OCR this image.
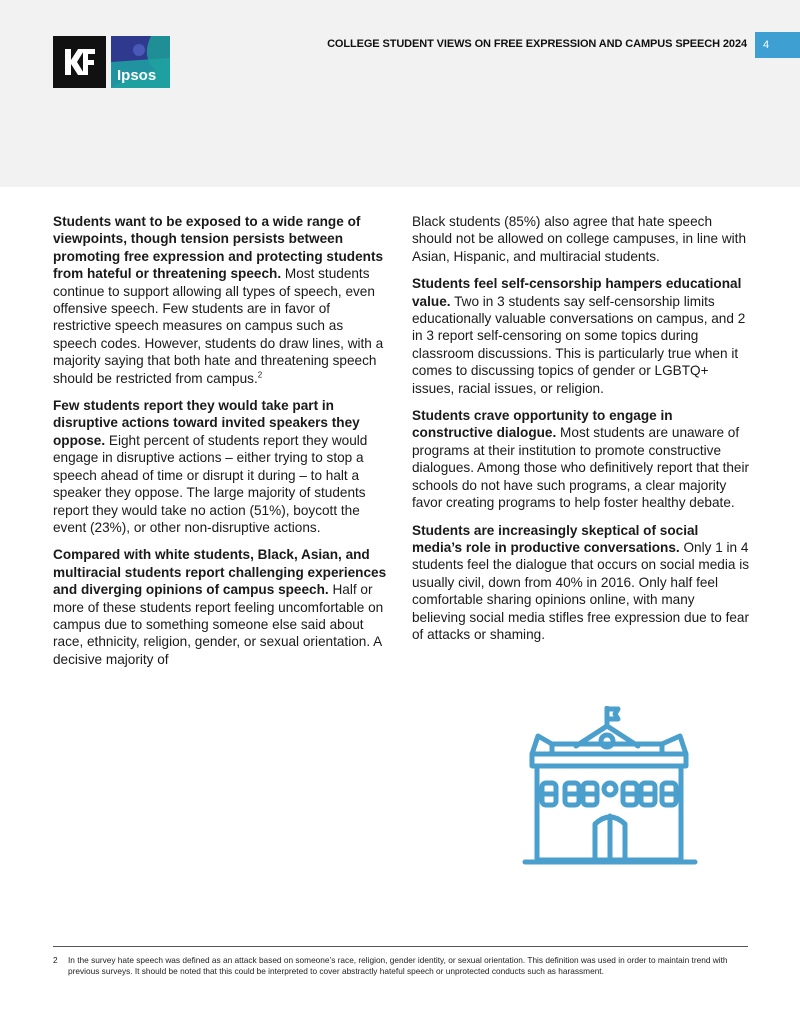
Ipsos
COLLEGE STUDENT VIEWS ON FREE EXPRESSION AND CAMPUS SPEECH 2024 4

Students want to be exposed to a wide range of viewpoints, though tension persists between promoting free expression and protecting students from hateful or threatening speech. Most students continue to support allowing all types of speech, even offensive speech. Few students are in favor of restrictive speech measures on campus such as speech codes. However, students do draw lines, with a majority saying that both hate and threatening speech should be restricted from campus.$^2$

Few students report they would take part in disruptive actions toward invited speakers they oppose. Eight percent of students report they would engage in disruptive actions – either trying to stop a speech ahead of time or disrupt it during – to halt a speaker they oppose. The large majority of students report they would take no action (51%), boycott the event (23%), or other non-disruptive actions.

Compared with white students, Black, Asian, and multiracial students report challenging experiences and diverging opinions of campus speech. Half or more of these students report feeling uncomfortable on campus due to something someone else said about race, ethnicity, religion, gender, or sexual orientation. A decisive majority of

Black students (85%) also agree that hate speech should not be allowed on college campuses, in line with Asian, Hispanic, and multiracial students.

Students feel self-censorship hampers educational value. Two in 3 students say self-censorship limits educationally valuable conversations on campus, and 2 in 3 report self-censoring on some topics during classroom discussions. This is particularly true when it comes to discussing topics of gender or LGBTQ+ issues, racial issues, or religion.

Students crave opportunity to engage in constructive dialogue. Most students are unaware of programs at their institution to promote constructive dialogues. Among those who definitively report that their schools do not have such programs, a clear majority favor creating programs to help foster healthy debate.

Students are increasingly skeptical of social media’s role in productive conversations. Only 1 in 4 students feel the dialogue that occurs on social media is usually civil, down from 40% in 2016. Only half feel comfortable sharing opinions online, with many believing social media stifles free expression due to fear of attacks or shaming.

2 In the survey hate speech was defined as an attack based on someone’s race, religion, gender identity, or sexual orientation. This definition was used in order to maintain trend with previous surveys. It should be noted that this could be interpreted to cover abstractly hateful speech or unprotected conducts such as harassment.
